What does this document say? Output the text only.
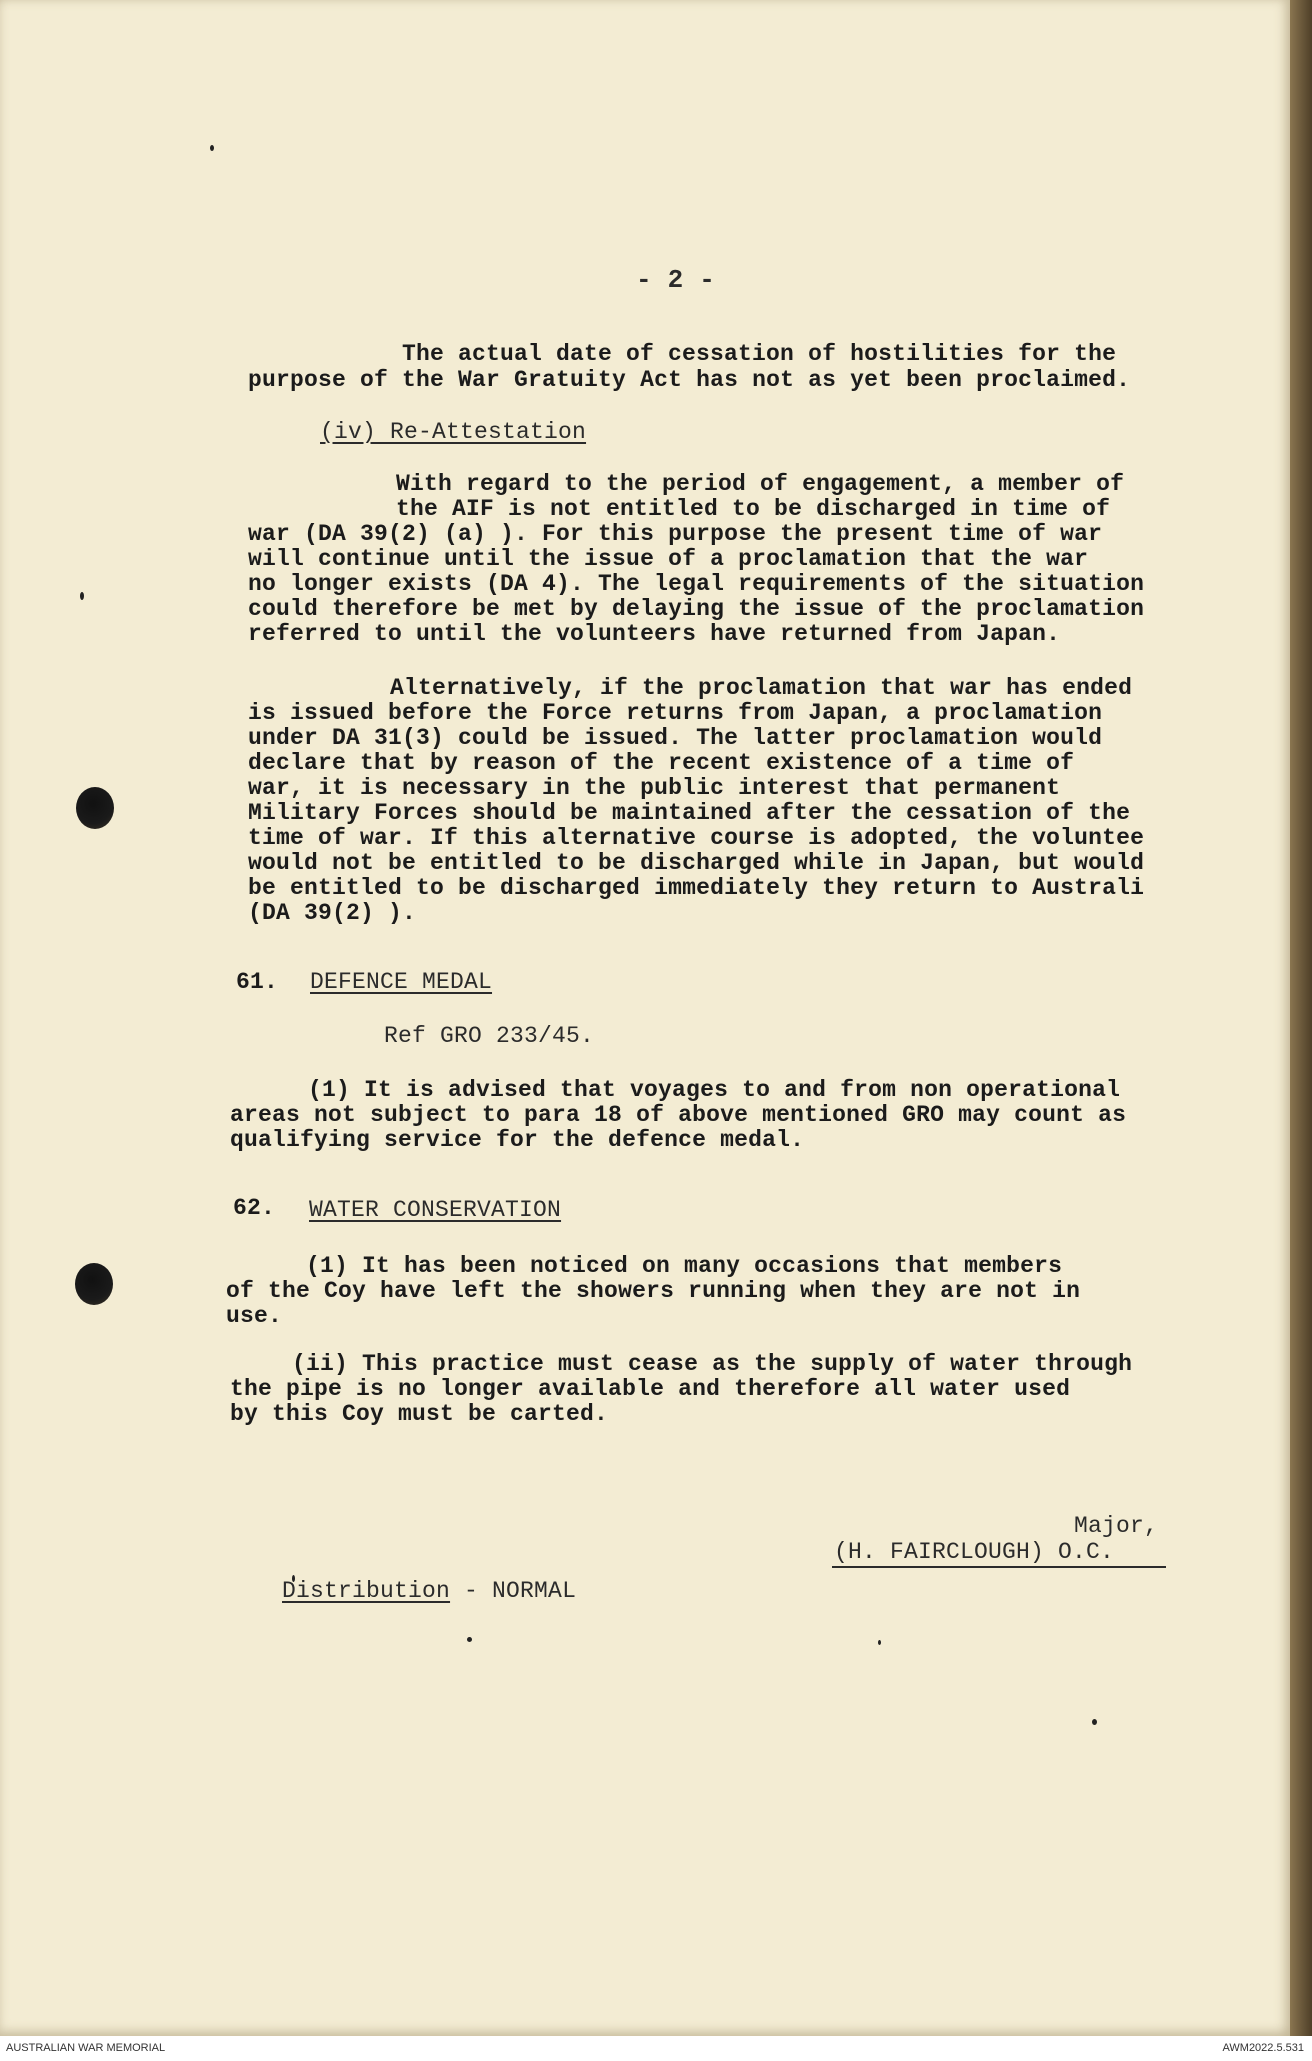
- 2 -
The actual date of cessation of hostilities for the
purpose of the War Gratuity Act has not as yet been proclaimed.
(iv) Re-Attestation
With regard to the period of engagement, a member of
the AIF is not entitled to be discharged in time of
war (DA 39(2) (a) ). For this purpose the present time of war
will continue until the issue of a proclamation that the war
no longer exists (DA 4). The legal requirements of the situation
could therefore be met by delaying the issue of the proclamation
referred to until the volunteers have returned from Japan.
Alternatively, if the proclamation that war has ended
is issued before the Force returns from Japan, a proclamation
under DA 31(3) could be issued. The latter proclamation would
declare that by reason of the recent existence of a time of
war, it is necessary in the public interest that permanent
Military Forces should be maintained after the cessation of the
time of war. If this alternative course is adopted, the voluntee
would not be entitled to be discharged while in Japan, but would
be entitled to be discharged immediately they return to Australi
(DA 39(2) ).
61. DEFENCE MEDAL
Ref GRO 233/45.
(1) It is advised that voyages to and from non operational
areas not subject to para 18 of above mentioned GRO may count as
qualifying service for the defence medal.
62. WATER CONSERVATION
(1) It has been noticed on many occasions that members
of the Coy have left the showers running when they are not in
use.
(ii) This practice must cease as the supply of water through
the pipe is no longer available and therefore all water used
by this Coy must be carted.
Major,
(H. FAIRCLOUGH) O.C.

Distribution - NORMAL

AUSTRALIAN WAR MEMORIAL	AWM2022.5.531
